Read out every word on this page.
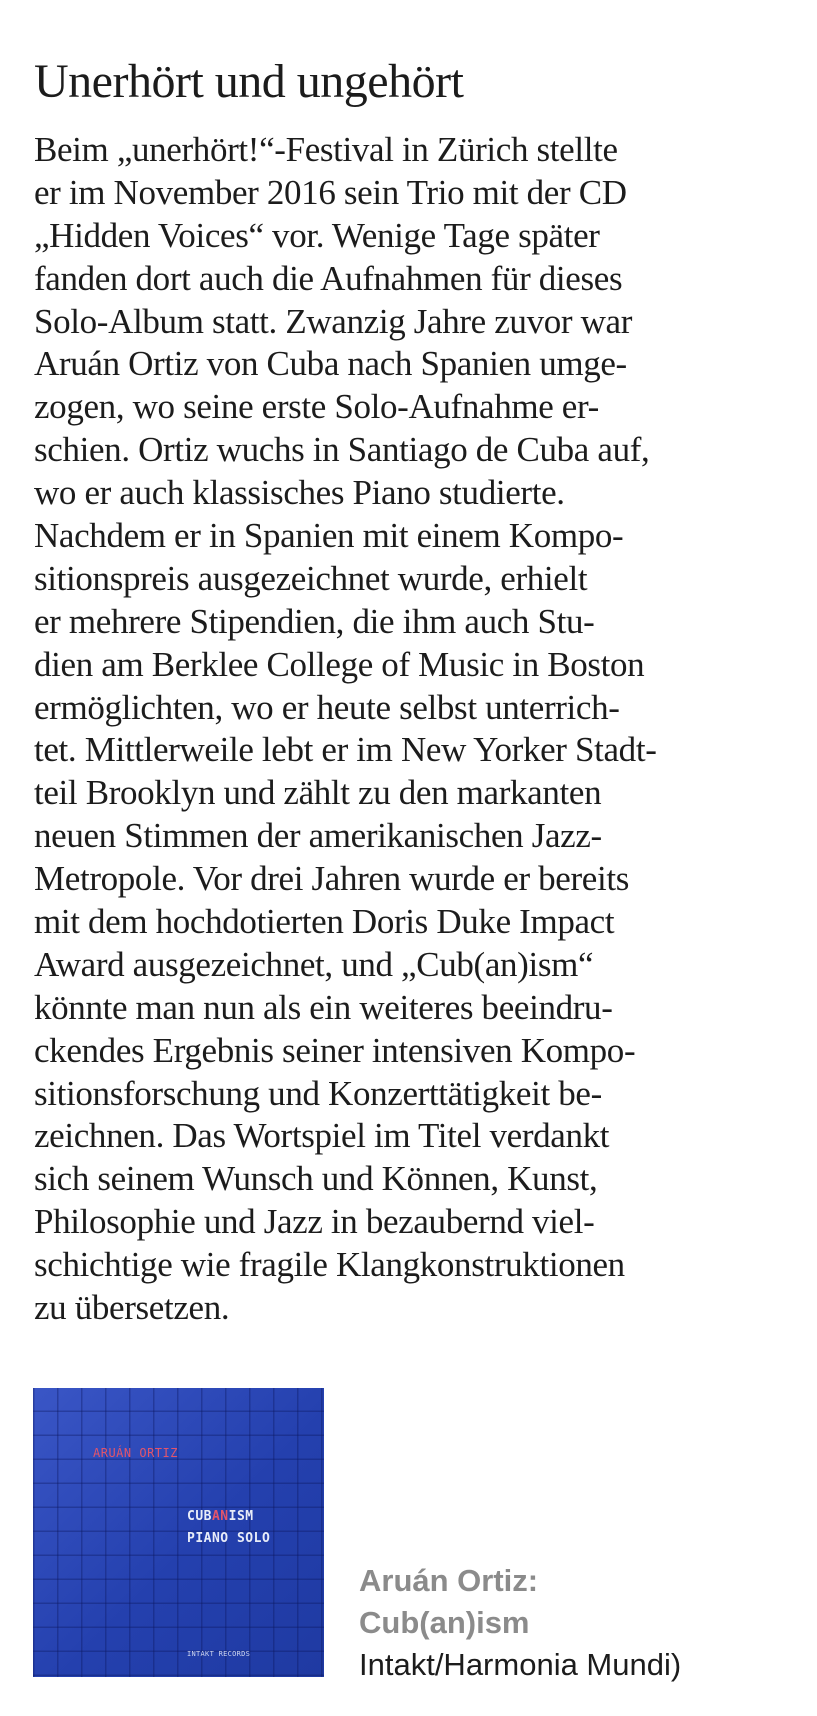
Unerhört und ungehört
Beim „unerhört!“-Festival in Zürich stellte
er im November 2016 sein Trio mit der CD
„Hidden Voices“ vor. Wenige Tage später
fanden dort auch die Aufnahmen für dieses
Solo-Album statt. Zwanzig Jahre zuvor war
Aruán Ortiz von Cuba nach Spanien umge-
zogen, wo seine erste Solo-Aufnahme er-
schien. Ortiz wuchs in Santiago de Cuba auf,
wo er auch klassisches Piano studierte.
Nachdem er in Spanien mit einem Kompo-
sitionspreis ausgezeichnet wurde, erhielt
er mehrere Stipendien, die ihm auch Stu-
dien am Berklee College of Music in Boston
ermöglichten, wo er heute selbst unterrich-
tet. Mittlerweile lebt er im New Yorker Stadt-
teil Brooklyn und zählt zu den markanten
neuen Stimmen der amerikanischen Jazz-
Metropole. Vor drei Jahren wurde er bereits
mit dem hochdotierten Doris Duke Impact
Award ausgezeichnet, und „Cub(an)ism“
könnte man nun als ein weiteres beeindru-
ckendes Ergebnis seiner intensiven Kompo-
sitionsforschung und Konzerttätigkeit be-
zeichnen. Das Wortspiel im Titel verdankt
sich seinem Wunsch und Können, Kunst,
Philosophie und Jazz in bezaubernd viel-
schichtige wie fragile Klangkonstruktionen
zu übersetzen.
ARUÁN ORTIZ
CUBANISM
PIANO SOLO
INTAKT RECORDS
Aruán Ortiz:
Cub(an)ism
Intakt/Harmonia Mundi)
